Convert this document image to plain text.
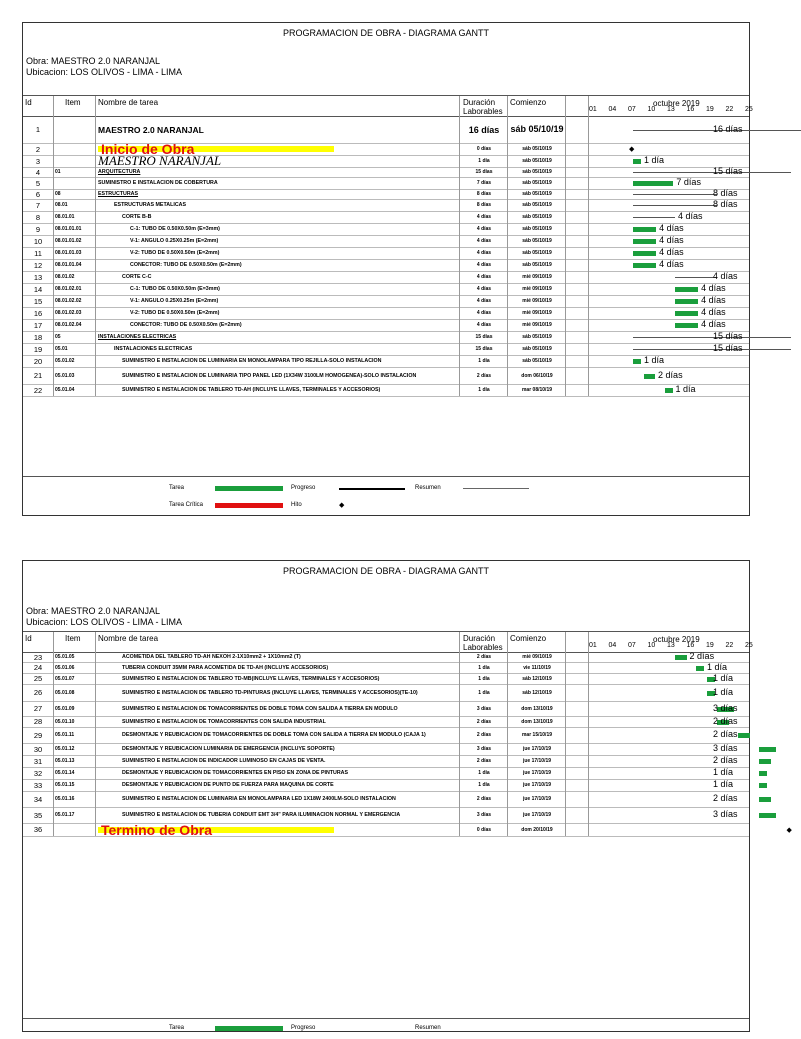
PROGRAMACION DE OBRA - DIAGRAMA GANTT
Obra: MAESTRO 2.0 NARANJAL
Ubicacion: LOS OLIVOS - LIMA - LIMA
Id	Item Nombre de tarea	Duración Laborables
Comienzo	octubre 2019
01 04 07 10 13 16 19 22 25
1	MAESTRO 2.0 NARANJAL	16 días	sáb 05/10/19	16 días
2	Inicio de Obra	0 días	sáb 05/10/19	◆
3	MAESTRO NARANJAL	1 día	sáb 05/10/19	1 día
4	01	ARQUITECTURA	15 días	sáb 05/10/19	15 días
5	SUMINISTRO E INSTALACION DE COBERTURA	7 días	sáb 05/10/19	7 días
6	08	ESTRUCTURAS	8 días	sáb 05/10/19	8 días
7	08.01	ESTRUCTURAS METALICAS	8 días	sáb 05/10/19	8 días
8	08.01.01	CORTE B-B	4 días	sáb 05/10/19	4 días
9	08.01.01.01	C-1: TUBO DE 0.50X0.50m (E=3mm)	4 días	sáb 05/10/19	4 días
10	08.01.01.02	V-1: ANGULO 0.25X0.25m (E=2mm)	4 días	sáb 05/10/19	4 días
11	08.01.01.03	V-2: TUBO DE 0.50X0.50m (E=2mm)	4 días	sáb 05/10/19	4 días
12	08.01.01.04	CONECTOR: TUBO DE 0.50X0.50m (E=2mm)	4 días	sáb 05/10/19	4 días
13	08.01.02	CORTE C-C	4 días	mié 09/10/19	4 días
14	08.01.02.01	C-1: TUBO DE 0.50X0.50m (E=3mm)	4 días	mié 09/10/19	4 días
15	08.01.02.02	V-1: ANGULO 0.25X0.25m (E=2mm)	4 días	mié 09/10/19	4 días
16	08.01.02.03	V-2: TUBO DE 0.50X0.50m (E=2mm)	4 días	mié 09/10/19	4 días
17	08.01.02.04	CONECTOR: TUBO DE 0.50X0.50m (E=2mm)	4 días	mié 09/10/19	4 días
18	05	INSTALACIONES ELECTRICAS	15 días	sáb 05/10/19	15 días
19	05.01	INSTALACIONES ELECTRICAS	15 días	sáb 05/10/19	15 días
20	05.01.02	SUMINISTRO E INSTALACION DE LUMINARIA EN MONOLAMPARA TIPO REJILLA-SOLO INSTALACION	1 día	sáb 05/10/19	1 día
21	05.01.03	SUMINISTRO E INSTALACION DE LUMINARIA TIPO PANEL LED (1X34W 3100LM HOMOGENEA)-SOLO INSTALACION	2 días	dom 06/10/19	2 días
22	05.01.04	SUMINISTRO E INSTALACION DE TABLERO TD-AH (INCLUYE LLAVES, TERMINALES Y ACCESORIOS)	1 día	mar 08/10/19	1 día
Tarea	Progreso	Resumen
Tarea Crítica	Hito	◆
PROGRAMACION DE OBRA - DIAGRAMA GANTT
Obra: MAESTRO 2.0 NARANJAL
Ubicacion: LOS OLIVOS - LIMA - LIMA
Id	Item Nombre de tarea	Duración Laborables
Comienzo	octubre 2019
01 04 07 10 13 16 19 22 25
23	05.01.05	ACOMETIDA DEL TABLERO TD-AH NEXOH 2-1X10mm2 + 1X10mm2 (T)	2 días	mié 09/10/19	2 días
24	05.01.06	TUBERIA CONDUIT 35MM PARA ACOMETIDA DE TD-AH (INCLUYE ACCESORIOS)	1 día	vie 11/10/19	1 día
25	05.01.07	SUMINISTRO E INSTALACION DE TABLERO TD-MB(INCLUYE LLAVES, TERMINALES Y ACCESORIOS)	1 día	sáb 12/10/19	1 día
26	05.01.08	SUMINISTRO E INSTALACION DE TABLERO TD-PINTURAS (INCLUYE LLAVES, TERMINALES Y ACCESORIOS)(TE-10)	1 día	sáb 12/10/19	1 día
27	05.01.09	SUMINISTRO E INSTALACION DE TOMACORRIENTES DE DOBLE TOMA CON SALIDA A TIERRA EN MODULO	3 días	dom 13/10/19	3 días
28	05.01.10	SUMINISTRO E INSTALACION DE TOMACORRIENTES CON SALIDA INDUSTRIAL	2 días	dom 13/10/19	2 días
29	05.01.11	DESMONTAJE Y REUBICACION DE TOMACORRIENTES DE DOBLE TOMA CON SALIDA A TIERRA EN MODULO (CAJA 1)	2 días	mar 15/10/19	2 días
30	05.01.12	DESMONTAJE Y REUBICACION LUMINARIA DE EMERGENCIA (INCLUYE SOPORTE)	3 días	jue 17/10/19	3 días
31	05.01.13	SUMINISTRO E INSTALACION DE INDICADOR LUMINOSO EN CAJAS DE VENTA.	2 días	jue 17/10/19	2 días
32	05.01.14	DESMONTAJE Y REUBICACION DE TOMACORRIENTES EN PISO EN ZONA DE PINTURAS	1 día	jue 17/10/19	1 día
33	05.01.15	DESMONTAJE Y REUBICACION DE PUNTO DE FUERZA PARA MAQUINA DE CORTE	1 día	jue 17/10/19	1 día
34	05.01.16	SUMINISTRO E INSTALACION DE LUMINARIA EN MONOLAMPARA LED 1X18W 2400LM-SOLO INSTALACION	2 días	jue 17/10/19	2 días
35	05.01.17	SUMINISTRO E INSTALACION DE TUBERIA CONDUIT EMT 3/4" PARA ILUMINACION NORMAL Y EMERGENCIA	3 días	jue 17/10/19	3 días
36	Termino de Obra	0 días	dom 20/10/19	◆
Tarea	Progreso	Resumen
